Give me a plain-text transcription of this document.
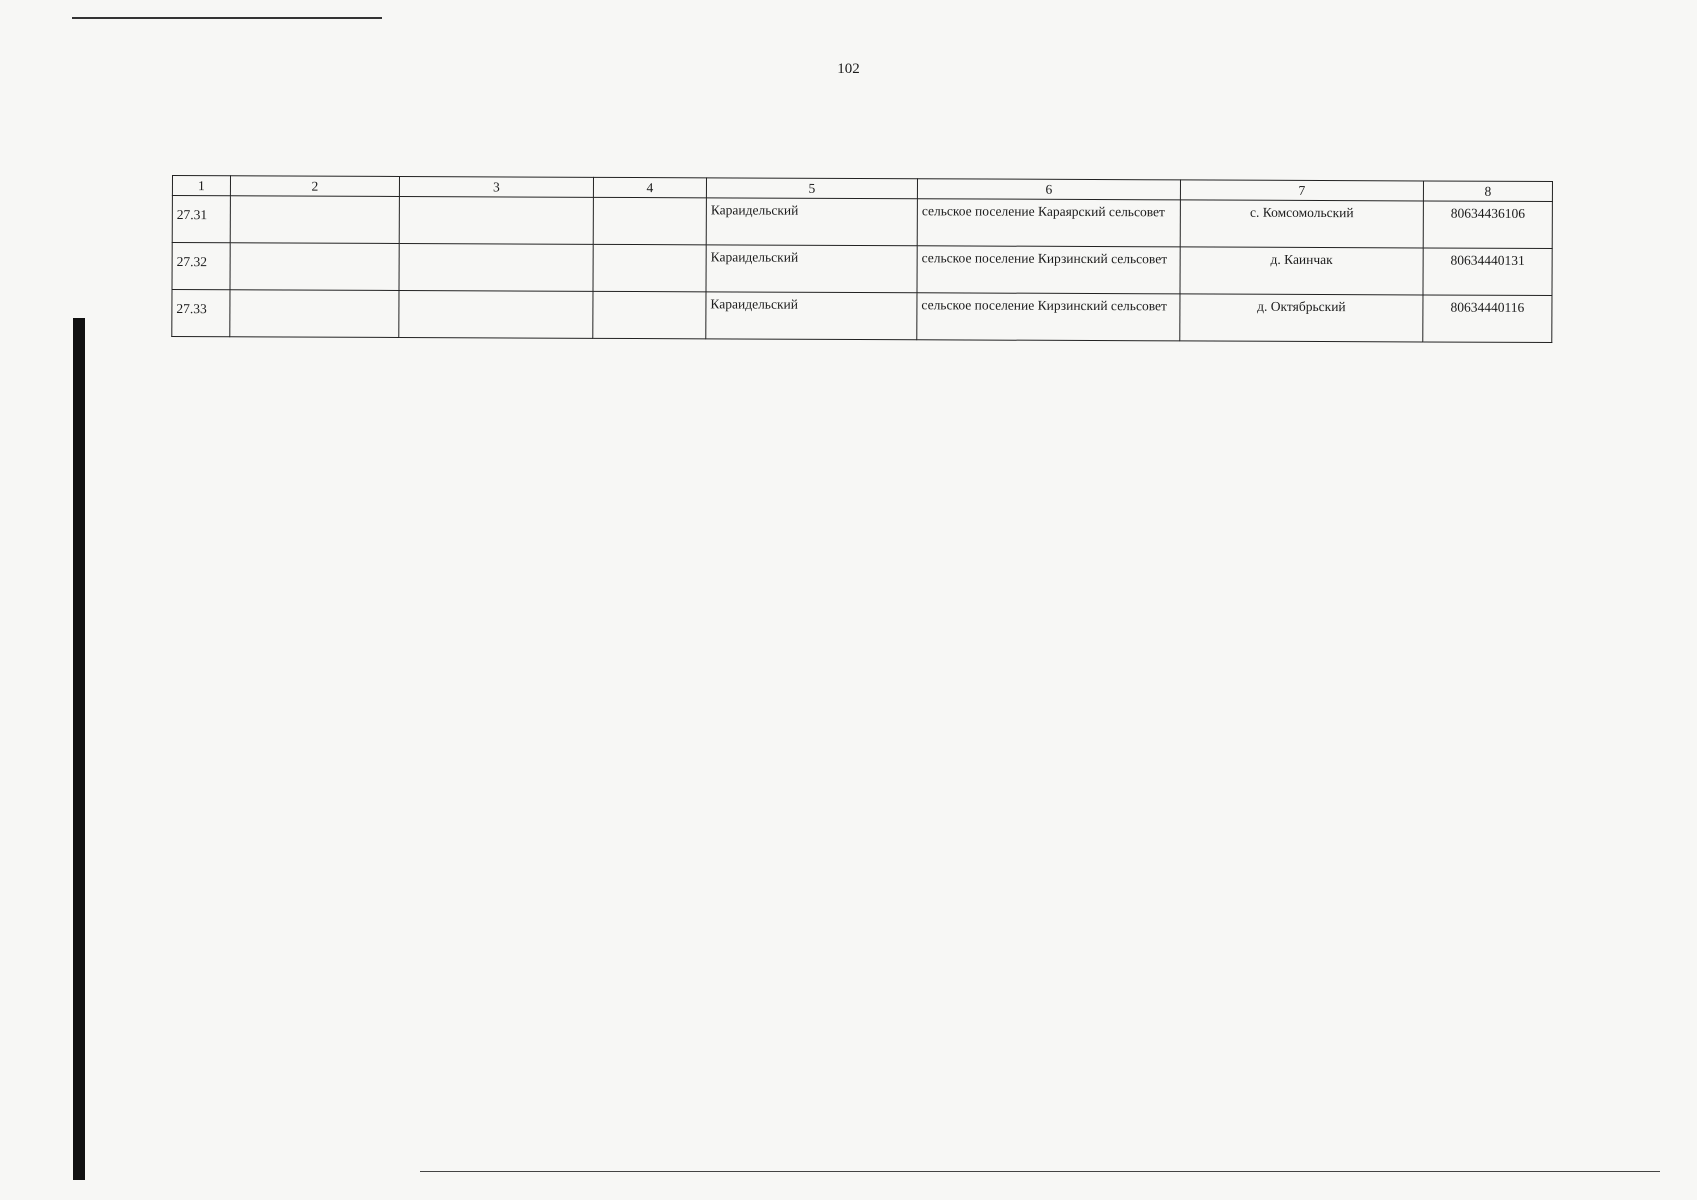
102
1	2	3	4	5	6	7	8
27.31				Караидельский	сельское поселение Караярский сельсовет	с. Комсомольский	80634436106
27.32				Караидельский	сельское поселение Кирзинский сельсовет	д. Каинчак	80634440131
27.33				Караидельский	сельское поселение Кирзинский сельсовет	д. Октябрьский	80634440116
